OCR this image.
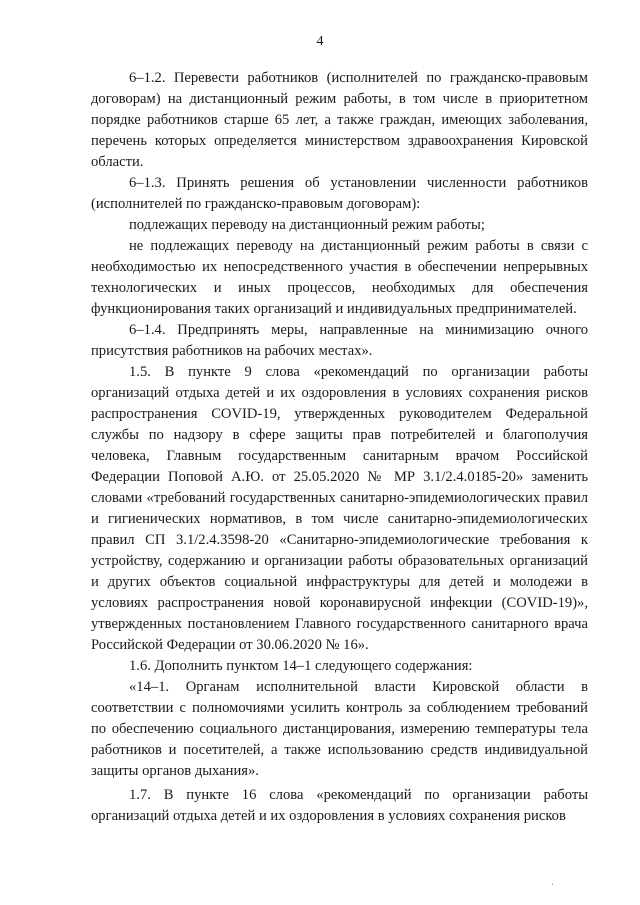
4

6–1.2. Перевести работников (исполнителей по гражданско-правовым договорам) на дистанционный режим работы, в том числе в приоритетном порядке работников старше 65 лет, а также граждан, имеющих заболевания, перечень которых определяется министерством здравоохранения Кировской области.

6–1.3. Принять решения об установлении численности работников (исполнителей по гражданско-правовым договорам):

подлежащих переводу на дистанционный режим работы;

не подлежащих переводу на дистанционный режим работы в связи с необходимостью их непосредственного участия в обеспечении непрерывных технологических и иных процессов, необходимых для обеспечения функционирования таких организаций и индивидуальных предпринимателей.

6–1.4. Предпринять меры, направленные на минимизацию очного присутствия работников на рабочих местах».

1.5. В пункте 9 слова «рекомендаций по организации работы организаций отдыха детей и их оздоровления в условиях сохранения рисков распространения COVID-19, утвержденных руководителем Федеральной службы по надзору в сфере защиты прав потребителей и благополучия человека, Главным государственным санитарным врачом Российской Федерации Поповой А.Ю. от 25.05.2020 № МР 3.1/2.4.0185-20» заменить словами «требований государственных санитарно-эпидемиологических правил и гигиенических нормативов, в том числе санитарно-эпидемиологических правил СП 3.1/2.4.3598-20 «Санитарно-эпидемиологические требования к устройству, содержанию и организации работы образовательных организаций и других объектов социальной инфраструктуры для детей и молодежи в условиях распространения новой коронавирусной инфекции (COVID-19)», утвержденных постановлением Главного государственного санитарного врача Российской Федерации от 30.06.2020 № 16».

1.6. Дополнить пунктом 14–1 следующего содержания:

«14–1. Органам исполнительной власти Кировской области в соответствии с полномочиями усилить контроль за соблюдением требований по обеспечению социального дистанцирования, измерению температуры тела работников и посетителей, а также использованию средств индивидуальной защиты органов дыхания».

1.7. В пункте 16 слова «рекомендаций по организации работы организаций отдыха детей и их оздоровления в условиях сохранения рисков

·
